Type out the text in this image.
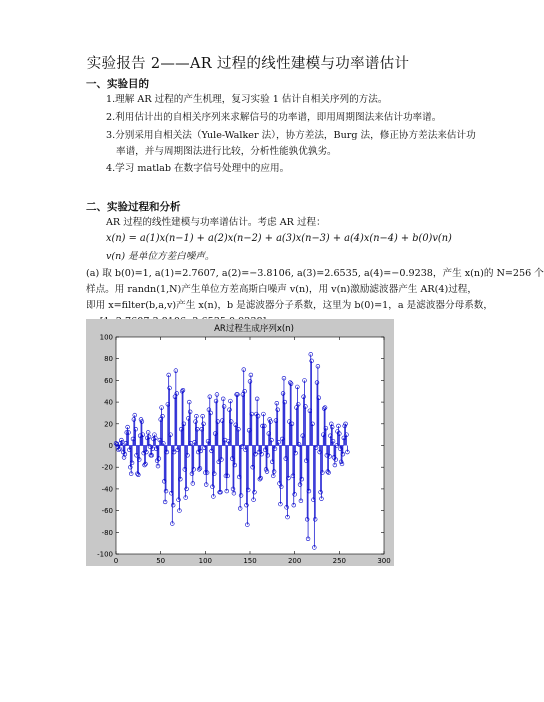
实验报告 2——AR 过程的线性建模与功率谱估计
一、实验目的
1.理解 AR 过程的产生机理，复习实验 1 估计自相关序列的方法。
2.利用估计出的自相关序列来求解信号的功率谱，即用周期图法来估计功率谱。
3.分别采用自相关法（Yule-Walker 法），协方差法，Burg 法，修正协方差法来估计功
率谱，并与周期图法进行比较，分析性能孰优孰劣。
4.学习 matlab 在数字信号处理中的应用。
二、实验过程和分析
AR 过程的线性建模与功率谱估计。考虑 AR 过程：
x(n) = a(1)x(n−1) + a(2)x(n−2) + a(3)x(n−3) + a(4)x(n−4) + b(0)v(n)
v(n) 是单位方差白噪声。
(a) 取 b(0)=1, a(1)=2.7607, a(2)=−3.8106, a(3)=2.6535, a(4)=−0.9238，产生 x(n)的 N=256 个
样点。用 randn(1,N)产生单位方差高斯白噪声 v(n)，用 v(n)激励滤波器产生 AR(4)过程，
即用 x=filter(b,a,v)产生 x(n)，b 是滤波器分子系数，这里为 b(0)=1，a 是滤波器分母系数，
AR过程生成序列x(n)
0	50	100	150	200	250	300
-100
-80
-60
-40
-20
0
20
40
60
80
100
